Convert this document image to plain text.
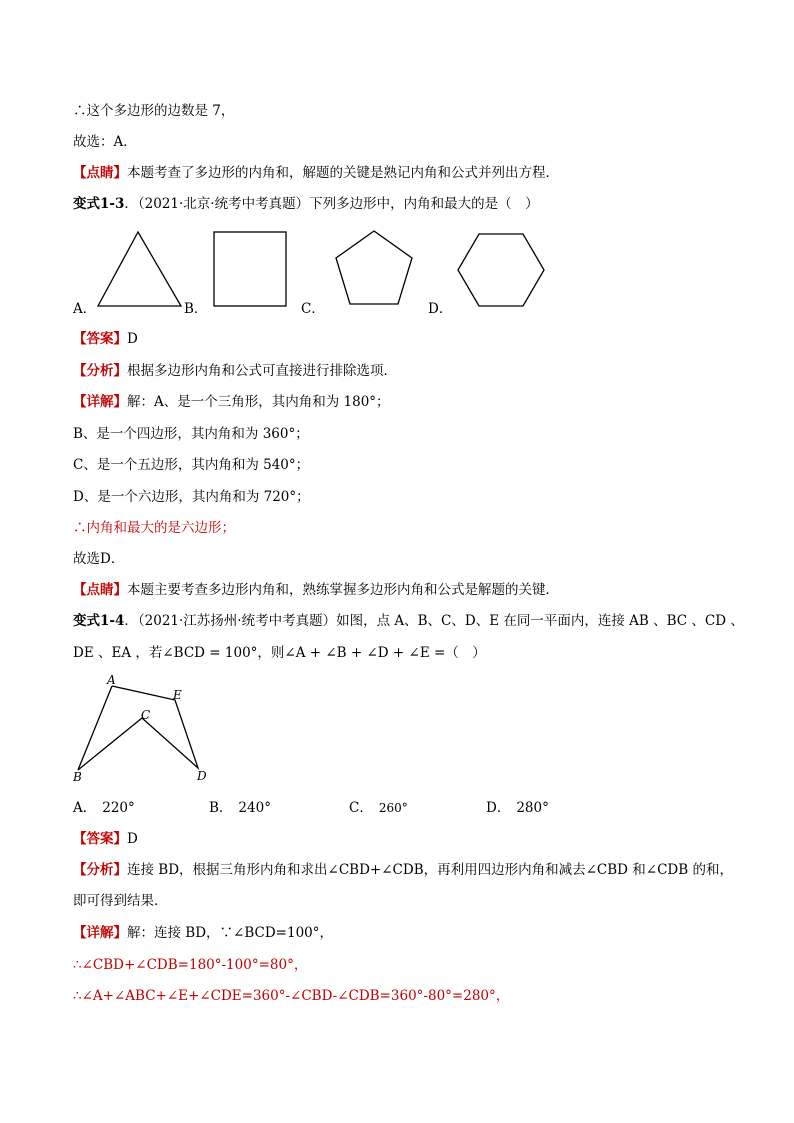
∴这个多边形的边数是 7，
故选：A．
【点睛】本题考查了多边形的内角和，解题的关键是熟记内角和公式并列出方程．
变式1-3．（2021·北京·统考中考真题）下列多边形中，内角和最大的是（　）
A．	B．	C．	D．
【答案】D
【分析】根据多边形内角和公式可直接进行排除选项．
【详解】解：A、是一个三角形，其内角和为 180°；
B、是一个四边形，其内角和为 360°；
C、是一个五边形，其内角和为 540°；
D、是一个六边形，其内角和为 720°；
∴内角和最大的是六边形；
故选D．
【点睛】本题主要考查多边形内角和，熟练掌握多边形内角和公式是解题的关键．
变式1-4．（2021·江苏扬州·统考中考真题）如图，点 A、B、C、D、E 在同一平面内，连接 AB 、BC 、CD 、
DE 、EA ，若∠BCD = 100°，则∠A + ∠B + ∠D + ∠E =（　）
A
B
C
D
E
A． 220°	B． 240°	C． 260°	D． 280°
【答案】D
【分析】连接 BD，根据三角形内角和求出∠CBD+∠CDB，再利用四边形内角和减去∠CBD 和∠CDB 的和，
即可得到结果．
【详解】解：连接 BD，∵∠BCD=100°，
∴∠CBD+∠CDB=180°-100°=80°，
∴∠A+∠ABC+∠E+∠CDE=360°-∠CBD-∠CDB=360°-80°=280°，
